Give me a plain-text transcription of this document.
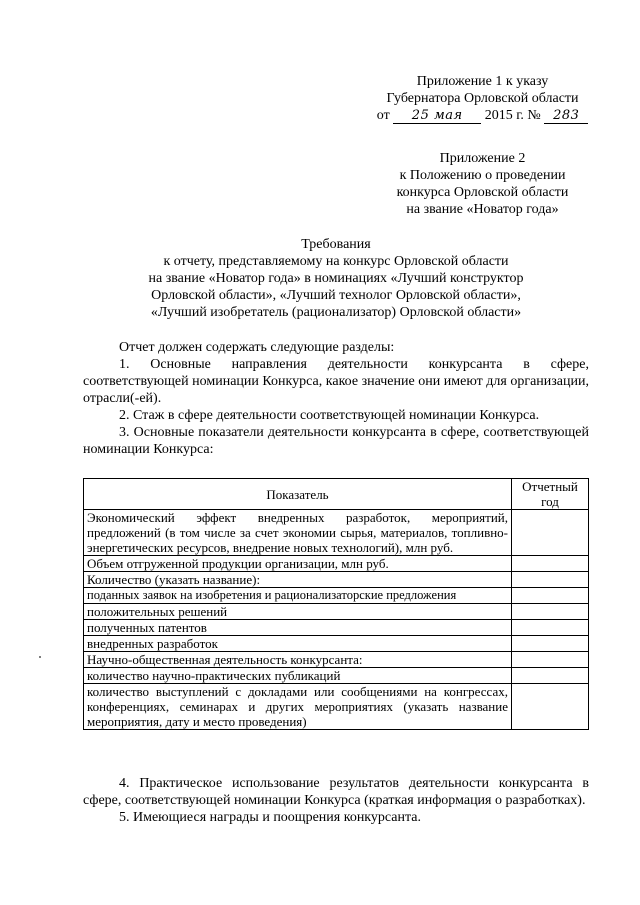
Приложение 1 к указу
Губернатора Орловской области
от 25 мая 2015 г. № 283
Приложение 2
к Положению о проведении
конкурса Орловской области
на звание «Новатор года»
Требования
к отчету, представляемому на конкурс Орловской области
на звание «Новатор года» в номинациях «Лучший конструктор
Орловской области», «Лучший технолог Орловской области»,
«Лучший изобретатель (рационализатор) Орловской области»
Отчет должен содержать следующие разделы:
1. Основные направления деятельности конкурсанта в сфере, соответствующей номинации Конкурса, какое значение они имеют для организации, отрасли(-ей).
2. Стаж в сфере деятельности соответствующей номинации Конкурса.
3. Основные показатели деятельности конкурсанта в сфере, соответствующей номинации Конкурса:
Показатель	Отчетный год
Экономический эффект внедренных разработок, мероприятий, предложений (в том числе за счет экономии сырья, материалов, топливно-энергетических ресурсов, внедрение новых технологий), млн руб.	
Объем отгруженной продукции организации, млн руб.	
Количество (указать название):	
поданных заявок на изобретения и рационализаторские предложения	
положительных решений	
полученных патентов	
внедренных разработок	
Научно-общественная деятельность конкурсанта:	
количество научно-практических публикаций	
количество выступлений с докладами или сообщениями на конгрессах, конференциях, семинарах и других мероприятиях (указать название мероприятия, дату и место проведения)	
4. Практическое использование результатов деятельности конкурсанта в сфере, соответствующей номинации Конкурса (краткая информация о разработках).
5. Имеющиеся награды и поощрения конкурсанта.
